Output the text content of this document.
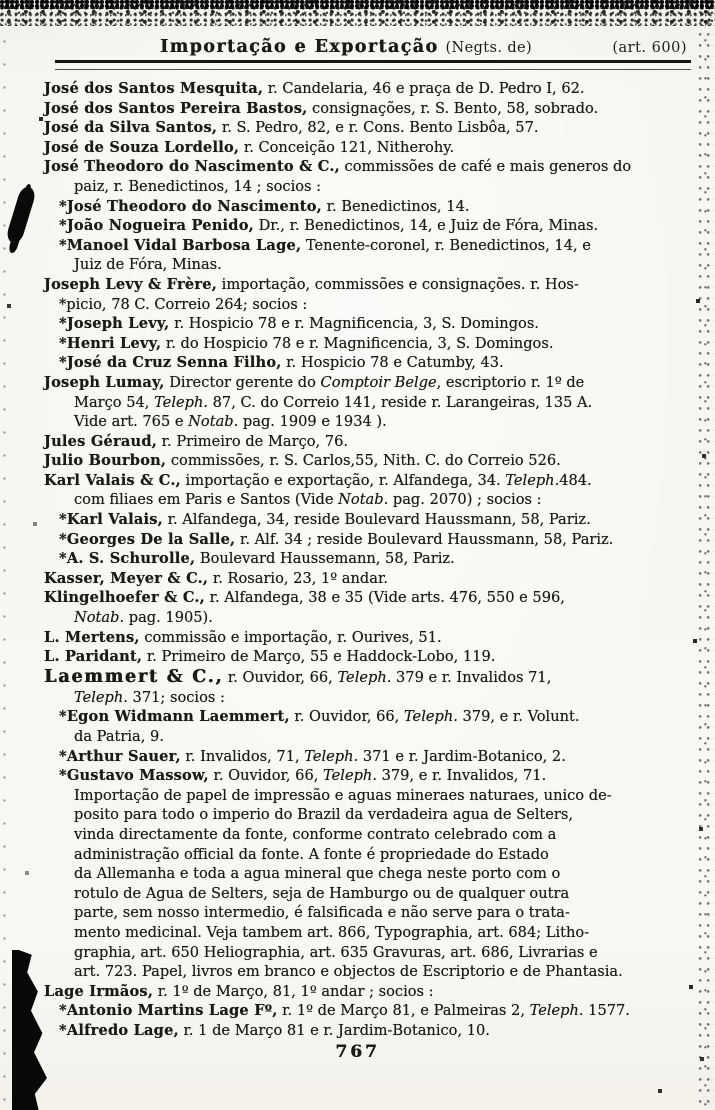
Importação e Exportação (Negts. de)	(art. 600)
José dos Santos Mesquita, r. Candelaria, 46 e praça de D. Pedro I, 62.
José dos Santos Pereira Bastos, consignações, r. S. Bento, 58, sobrado.
José da Silva Santos, r. S. Pedro, 82, e r. Cons. Bento Lisbôa, 57.
José de Souza Lordello, r. Conceição 121, Nitherohy.
José Theodoro do Nascimento & C., commissões de café e mais generos do
paiz, r. Benedictinos, 14 ; socios :
*José Theodoro do Nascimento, r. Benedictinos, 14.
*João Nogueira Penido, Dr., r. Benedictinos, 14, e Juiz de Fóra, Minas.
*Manoel Vidal Barbosa Lage, Tenente-coronel, r. Benedictinos, 14, e
Juiz de Fóra, Minas.
Joseph Levy & Frère, importação, commissões e consignações. r. Hos-
*picio, 78 C. Correio 264; socios :
*Joseph Levy, r. Hospicio 78 e r. Magnificencia, 3, S. Domingos.
*Henri Levy, r. do Hospicio 78 e r. Magnificencia, 3, S. Domingos.
*José da Cruz Senna Filho, r. Hospicio 78 e Catumby, 43.
Joseph Lumay, Director gerente do Comptoir Belge, escriptorio r. 1º de
Março 54, Teleph. 87, C. do Correio 141, reside r. Larangeiras, 135 A.
Vide art. 765 e Notab. pag. 1909 e 1934 ).
Jules Géraud, r. Primeiro de Março, 76.
Julio Bourbon, commissões, r. S. Carlos,55, Nith. C. do Correio 526.
Karl Valais & C., importação e exportação, r. Alfandega, 34. Teleph.484.
com filiaes em Paris e Santos (Vide Notab. pag. 2070) ; socios :
*Karl Valais, r. Alfandega, 34, reside Boulevard Haussmann, 58, Pariz.
*Georges De la Salle, r. Alf. 34 ; reside Boulevard Haussmann, 58, Pariz.
*A. S. Schurolle, Boulevard Haussemann, 58, Pariz.
Kasser, Meyer & C., r. Rosario, 23, 1º andar.
Klingelhoefer & C., r. Alfandega, 38 e 35 (Vide arts. 476, 550 e 596,
Notab. pag. 1905).
L. Mertens, commissão e importação, r. Ourives, 51.
L. Paridant, r. Primeiro de Março, 55 e Haddock-Lobo, 119.
Laemmert & C., r. Ouvidor, 66, Teleph. 379 e r. Invalidos 71,
Teleph. 371; socios :
*Egon Widmann Laemmert, r. Ouvidor, 66, Teleph. 379, e r. Volunt.
da Patria, 9.
*Arthur Sauer, r. Invalidos, 71, Teleph. 371 e r. Jardim-Botanico, 2.
*Gustavo Massow, r. Ouvidor, 66, Teleph. 379, e r. Invalidos, 71.
Importação de papel de impressão e aguas mineraes naturaes, unico de-
posito para todo o imperio do Brazil da verdadeira agua de Selters,
vinda directamente da fonte, conforme contrato celebrado com a
administração official da fonte. A fonte é propriedade do Estado
da Allemanha e toda a agua mineral que chega neste porto com o
rotulo de Agua de Selters, seja de Hamburgo ou de qualquer outra
parte, sem nosso intermedio, é falsificada e não serve para o trata-
mento medicinal. Veja tambem art. 866, Typographia, art. 684; Litho-
graphia, art. 650 Heliographia, art. 635 Gravuras, art. 686, Livrarias e
art. 723. Papel, livros em branco e objectos de Escriptorio e de Phantasia.
Lage Irmãos, r. 1º de Março, 81, 1º andar ; socios :
*Antonio Martins Lage Fº, r. 1º de Março 81, e Palmeiras 2, Teleph. 1577.
*Alfredo Lage, r. 1 de Março 81 e r. Jardim-Botanico, 10.
767
